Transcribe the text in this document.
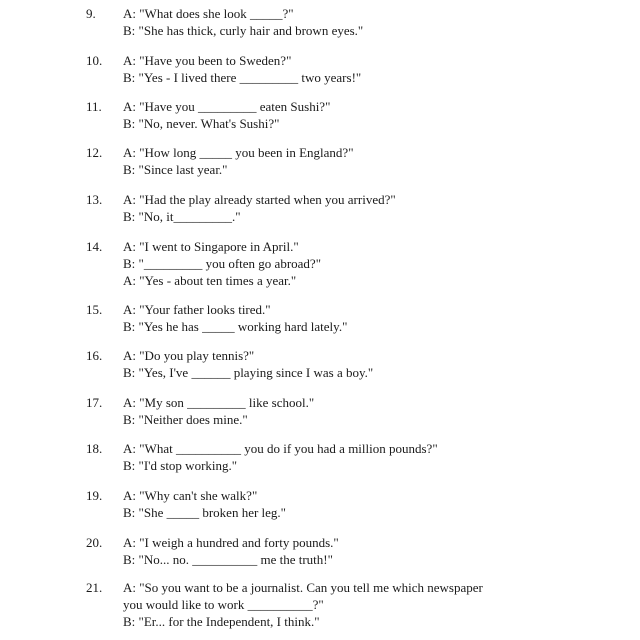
9. A: "What does she look _____?"
B: "She has thick, curly hair and brown eyes."
10. A: "Have you been to Sweden?"
B: "Yes - I lived there _________ two years!"
11. A: "Have you _________ eaten Sushi?"
B: "No, never. What's Sushi?"
12. A: "How long _____ you been in England?"
B: "Since last year."
13. A: "Had the play already started when you arrived?"
B: "No, it_________."
14. A: "I went to Singapore in April."
B: "_________ you often go abroad?"
A: "Yes - about ten times a year."
15. A: "Your father looks tired."
B: "Yes he has _____ working hard lately."
16. A: "Do you play tennis?"
B: "Yes, I've ______ playing since I was a boy."
17. A: "My son _________ like school."
B: "Neither does mine."
18. A: "What __________ you do if you had a million pounds?"
B: "I'd stop working."
19. A: "Why can't she walk?"
B: "She _____ broken her leg."
20. A: "I weigh a hundred and forty pounds."
B: "No... no. __________ me the truth!"
21. A: "So you want to be a journalist. Can you tell me which newspaper
you would like to work __________?"
B: "Er... for the Independent, I think."
